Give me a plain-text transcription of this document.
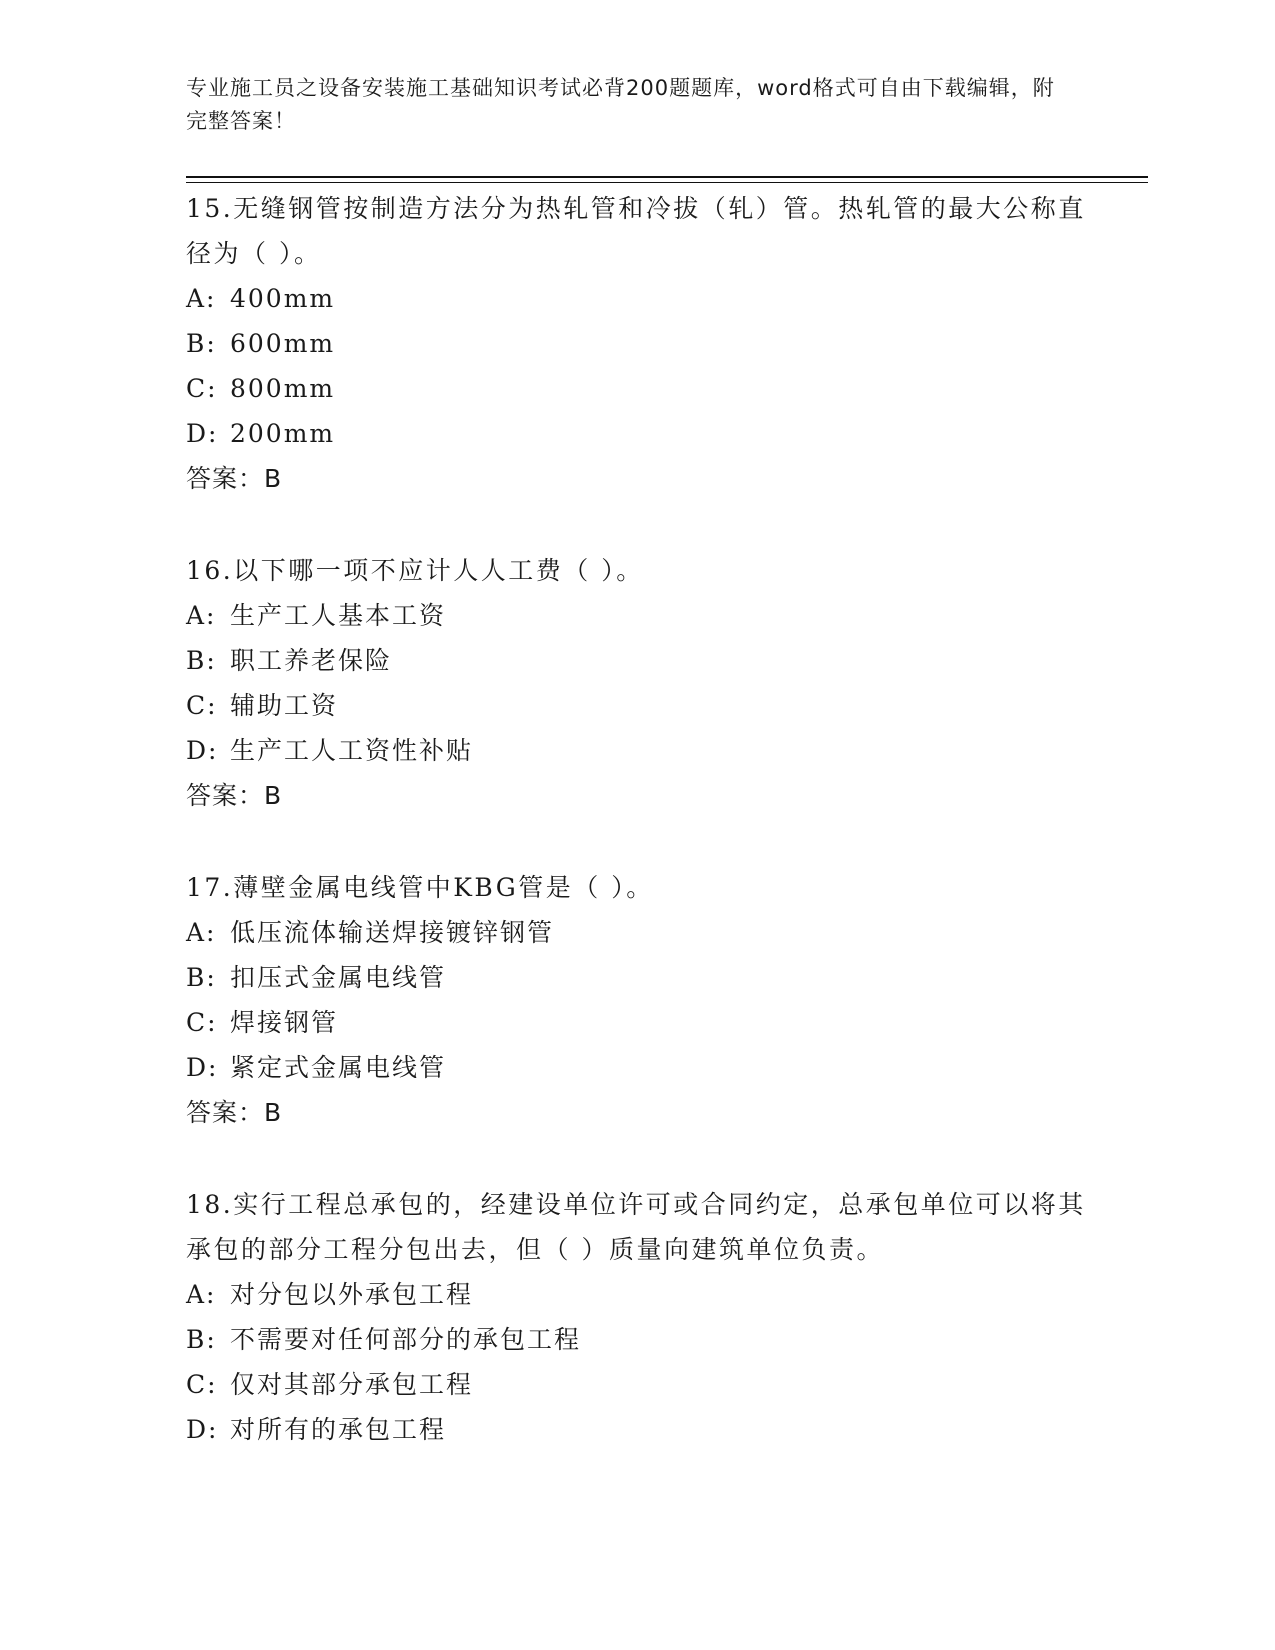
专业施工员之设备安装施工基础知识考试必背200题题库，word格式可自由下载编辑，附完整答案！
15.无缝钢管按制造方法分为热轧管和冷拔（轧）管。热轧管的最大公称直径为（ ）。
A: 400mm
B: 600mm
C: 800mm
D: 200mm
答案：B
16.以下哪一项不应计人人工费（ ）。
A: 生产工人基本工资
B: 职工养老保险
C: 辅助工资
D: 生产工人工资性补贴
答案：B
17.薄壁金属电线管中KBG管是（ ）。
A: 低压流体输送焊接镀锌钢管
B: 扣压式金属电线管
C: 焊接钢管
D: 紧定式金属电线管
答案：B
18.实行工程总承包的，经建设单位许可或合同约定，总承包单位可以将其承包的部分工程分包出去，但（ ）质量向建筑单位负责。
A: 对分包以外承包工程
B: 不需要对任何部分的承包工程
C: 仅对其部分承包工程
D: 对所有的承包工程
